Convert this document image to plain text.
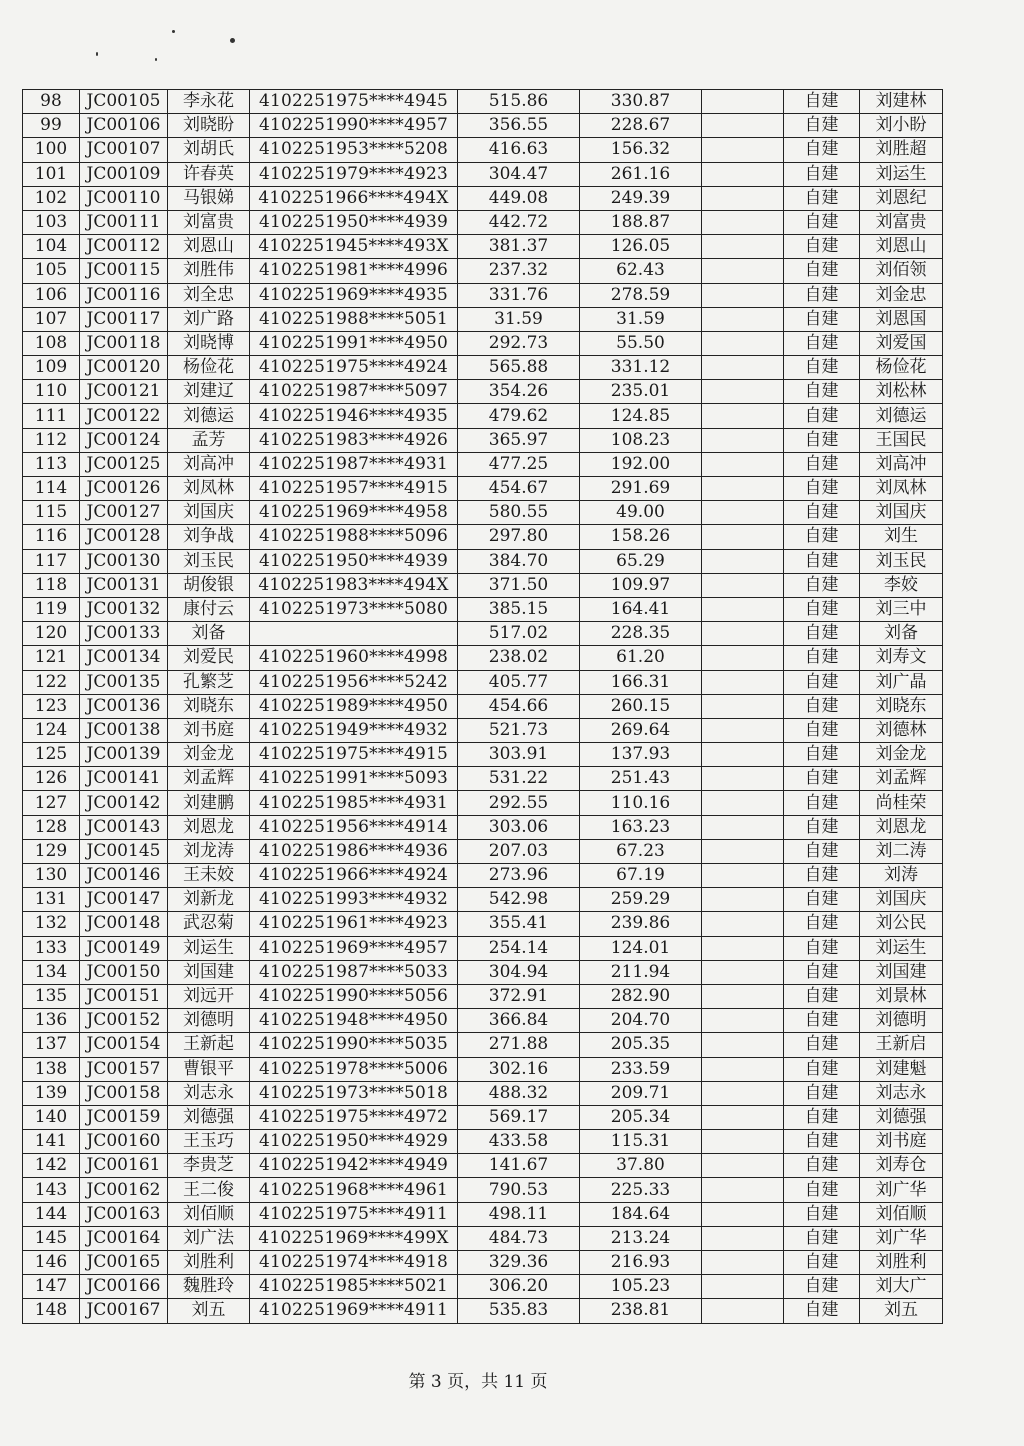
98	JC00105	李永花	4102251975****4945	515.86	330.87		自建	刘建林
99	JC00106	刘晓盼	4102251990****4957	356.55	228.67		自建	刘小盼
100	JC00107	刘胡氏	4102251953****5208	416.63	156.32		自建	刘胜超
101	JC00109	许春英	4102251979****4923	304.47	261.16		自建	刘运生
102	JC00110	马银娣	4102251966****494X	449.08	249.39		自建	刘恩纪
103	JC00111	刘富贵	4102251950****4939	442.72	188.87		自建	刘富贵
104	JC00112	刘恩山	4102251945****493X	381.37	126.05		自建	刘恩山
105	JC00115	刘胜伟	4102251981****4996	237.32	62.43		自建	刘佰领
106	JC00116	刘全忠	4102251969****4935	331.76	278.59		自建	刘金忠
107	JC00117	刘广路	4102251988****5051	31.59	31.59		自建	刘恩国
108	JC00118	刘晓博	4102251991****4950	292.73	55.50		自建	刘爱国
109	JC00120	杨俭花	4102251975****4924	565.88	331.12		自建	杨俭花
110	JC00121	刘建辽	4102251987****5097	354.26	235.01		自建	刘松林
111	JC00122	刘德运	4102251946****4935	479.62	124.85		自建	刘德运
112	JC00124	孟芳	4102251983****4926	365.97	108.23		自建	王国民
113	JC00125	刘高冲	4102251987****4931	477.25	192.00		自建	刘高冲
114	JC00126	刘凤林	4102251957****4915	454.67	291.69		自建	刘凤林
115	JC00127	刘国庆	4102251969****4958	580.55	49.00		自建	刘国庆
116	JC00128	刘争战	4102251988****5096	297.80	158.26		自建	刘生
117	JC00130	刘玉民	4102251950****4939	384.70	65.29		自建	刘玉民
118	JC00131	胡俊银	4102251983****494X	371.50	109.97		自建	李姣
119	JC00132	康付云	4102251973****5080	385.15	164.41		自建	刘三中
120	JC00133	刘备		517.02	228.35		自建	刘备
121	JC00134	刘爱民	4102251960****4998	238.02	61.20		自建	刘寿文
122	JC00135	孔繁芝	4102251956****5242	405.77	166.31		自建	刘广晶
123	JC00136	刘晓东	4102251989****4950	454.66	260.15		自建	刘晓东
124	JC00138	刘书庭	4102251949****4932	521.73	269.64		自建	刘德林
125	JC00139	刘金龙	4102251975****4915	303.91	137.93		自建	刘金龙
126	JC00141	刘孟辉	4102251991****5093	531.22	251.43		自建	刘孟辉
127	JC00142	刘建鹏	4102251985****4931	292.55	110.16		自建	尚桂荣
128	JC00143	刘恩龙	4102251956****4914	303.06	163.23		自建	刘恩龙
129	JC00145	刘龙涛	4102251986****4936	207.03	67.23		自建	刘二涛
130	JC00146	王未姣	4102251966****4924	273.96	67.19		自建	刘涛
131	JC00147	刘新龙	4102251993****4932	542.98	259.29		自建	刘国庆
132	JC00148	武忍菊	4102251961****4923	355.41	239.86		自建	刘公民
133	JC00149	刘运生	4102251969****4957	254.14	124.01		自建	刘运生
134	JC00150	刘国建	4102251987****5033	304.94	211.94		自建	刘国建
135	JC00151	刘远开	4102251990****5056	372.91	282.90		自建	刘景林
136	JC00152	刘德明	4102251948****4950	366.84	204.70		自建	刘德明
137	JC00154	王新起	4102251990****5035	271.88	205.35		自建	王新启
138	JC00157	曹银平	4102251978****5006	302.16	233.59		自建	刘建魁
139	JC00158	刘志永	4102251973****5018	488.32	209.71		自建	刘志永
140	JC00159	刘德强	4102251975****4972	569.17	205.34		自建	刘德强
141	JC00160	王玉巧	4102251950****4929	433.58	115.31		自建	刘书庭
142	JC00161	李贵芝	4102251942****4949	141.67	37.80		自建	刘寿仓
143	JC00162	王二俊	4102251968****4961	790.53	225.33		自建	刘广华
144	JC00163	刘佰顺	4102251975****4911	498.11	184.64		自建	刘佰顺
145	JC00164	刘广法	4102251969****499X	484.73	213.24		自建	刘广华
146	JC00165	刘胜利	4102251974****4918	329.36	216.93		自建	刘胜利
147	JC00166	魏胜玲	4102251985****5021	306.20	105.23		自建	刘大广
148	JC00167	刘五	4102251969****4911	535.83	238.81		自建	刘五
第 3 页，共 11 页
